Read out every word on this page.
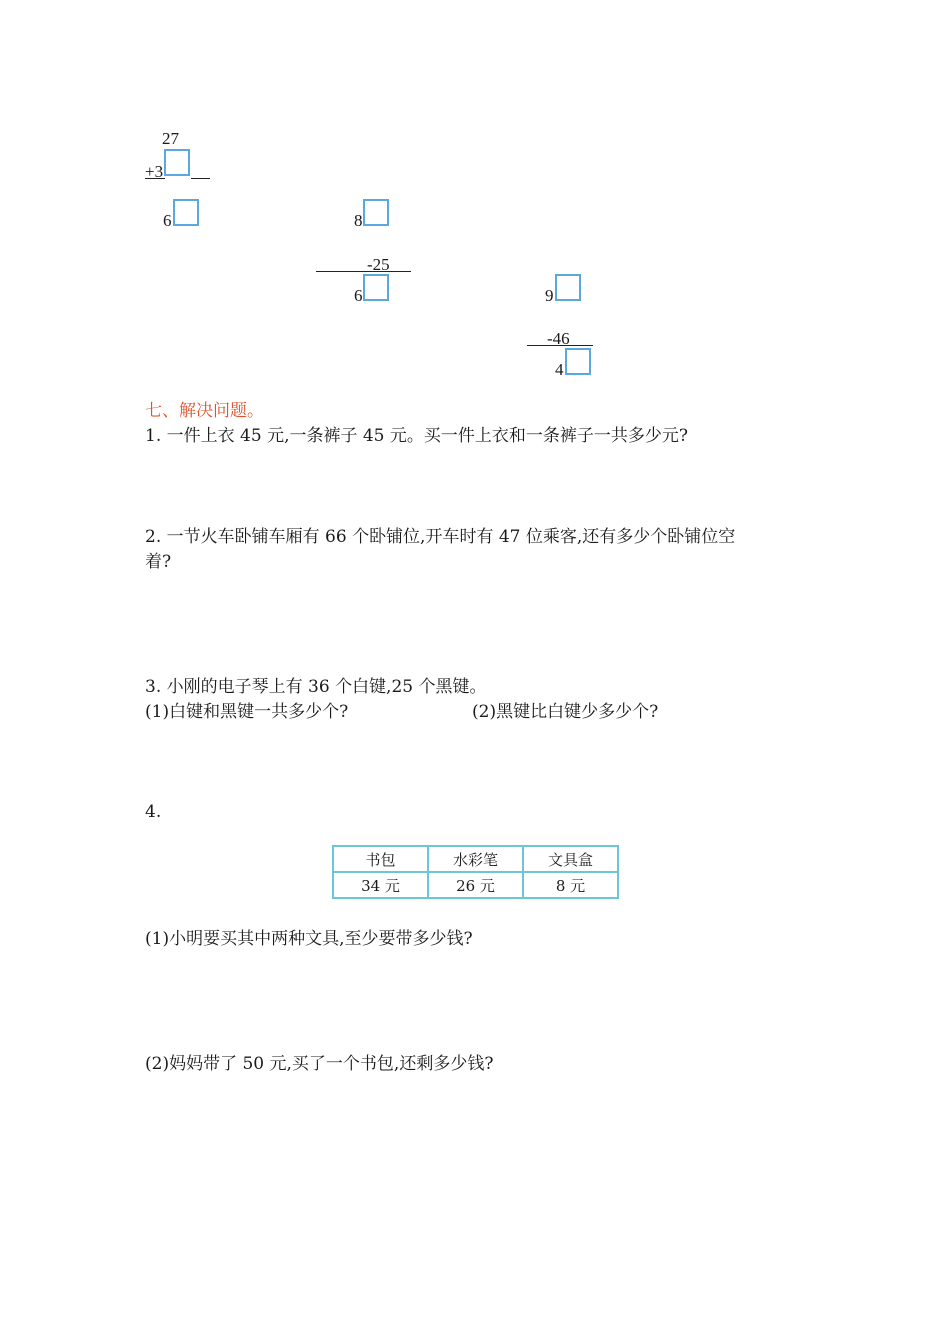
27
+3
6	8
-25
6	9
-46
4
七、解决问题。
1. 一件上衣 45 元,一条裤子 45 元。买一件上衣和一条裤子一共多少元?
2. 一节火车卧铺车厢有 66 个卧铺位,开车时有 47 位乘客,还有多少个卧铺位空
着?
3. 小刚的电子琴上有 36 个白键,25 个黑键。
(1)白键和黑键一共多少个?	(2)黑键比白键少多少个?
4.
书包	水彩笔	文具盒
34 元	26 元	8 元
(1)小明要买其中两种文具,至少要带多少钱?
(2)妈妈带了 50 元,买了一个书包,还剩多少钱?
